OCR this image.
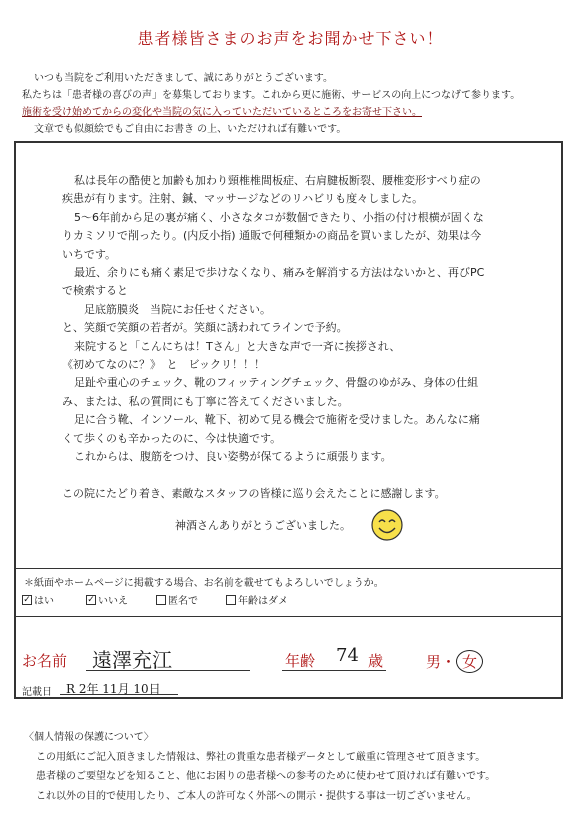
患者様皆さまのお声をお聞かせ下さい！
いつも当院をご利用いただきまして、誠にありがとうございます。
私たちは「患者様の喜びの声」を募集しております。これから更に施術、サービスの向上につなげて参ります。
施術を受け始めてからの変化や当院の気に入っていただいているところをお寄せ下さい。
文章でも似顔絵でもご自由にお書き の上、いただければ有難いです。
私は長年の酷使と加齢も加わり頸椎椎間板症、右肩腱板断裂、腰椎変形すべり症の
疾患が有ります。注射、鍼、マッサージなどのリハビリも度々しました。
5～6年前から足の裏が痛く、小さなタコが数個できたり、小指の付け根横が固くな
りカミソリで削ったり。(内反小指) 通販で何種類かの商品を買いましたが、効果は今
いちです。
最近、余りにも痛く素足で歩けなくなり、痛みを解消する方法はないかと、再びPC
で検索すると
足底筋膜炎　当院にお任せください。
と、笑顔で笑顔の若者が。笑顔に誘われてラインで予約。
来院すると「こんにちは！Tさん」と大きな声で一斉に挨拶され、
《初めてなのに？》　と　ビックリ！！！
足趾や重心のチェック、靴のフィッティングチェック、骨盤のゆがみ、身体の仕組
み、または、私の質問にも丁寧に答えてくださいました。
足に合う靴、インソール、靴下、初めて見る機会で施術を受けました。あんなに痛
くて歩くのも辛かったのに、今は快適です。
これからは、腹筋をつけ、良い姿勢が保てるように頑張ります。
この院にたどり着き、素敵なスタッフの皆様に巡り会えたことに感謝します。
神酒さんありがとうございました。
＊紙面やホームページに掲載する場合、お名前を載せてもよろしいでしょうか。
✓ はい	✓ いいえ	匿名で	年齢はダメ
お名前 遠澤充江	年齢 74 歳	男・ 女
記載日 R 2年 11月 10日
〈個人情報の保護について〉
この用紙にご記入頂きました情報は、弊社の貴重な患者様データとして厳重に管理させて頂きます。
患者様のご要望などを知ること、他にお困りの患者様への参考のために使わせて頂ければ有難いです。
これ以外の目的で使用したり、ご本人の許可なく外部への開示・提供する事は一切ございません。
